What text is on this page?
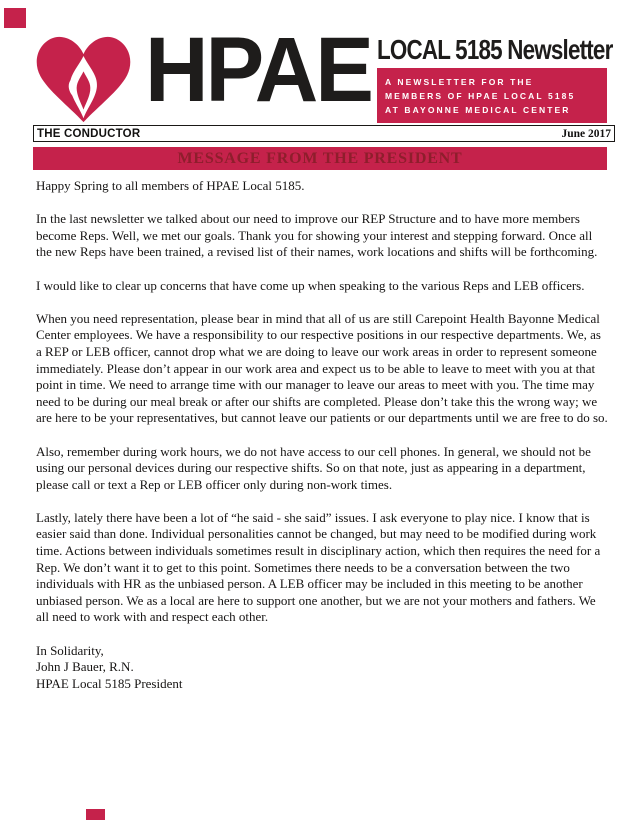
HPAE LOCAL 5185 Newsletter
A NEWSLETTER FOR THE
MEMBERS OF HPAE LOCAL 5185
AT BAYONNE MEDICAL CENTER
THE CONDUCTOR	June 2017
MESSAGE FROM THE PRESIDENT

Happy Spring to all members of HPAE Local 5185.

In the last newsletter we talked about our need to improve our REP Structure and to have more members become Reps. Well, we met our goals. Thank you for showing your interest and stepping forward. Once all the new Reps have been trained, a revised list of their names, work locations and shifts will be forthcoming.

I would like to clear up concerns that have come up when speaking to the various Reps and LEB officers.

When you need representation, please bear in mind that all of us are still Carepoint Health Bayonne Medical Center employees. We have a responsibility to our respective positions in our respective departments. We, as a REP or LEB officer, cannot drop what we are doing to leave our work areas in order to represent someone immediately. Please don’t appear in our work area and expect us to be able to leave to meet with you at that point in time. We need to arrange time with our manager to leave our areas to meet with you. The time may need to be during our meal break or after our shifts are completed. Please don’t take this the wrong way; we are here to be your representatives, but cannot leave our patients or our departments until we are free to do so.

Also, remember during work hours, we do not have access to our cell phones. In general, we should not be using our personal devices during our respective shifts. So on that note, just as appearing in a department, please call or text a Rep or LEB officer only during non-work times.

Lastly, lately there have been a lot of “he said - she said” issues. I ask everyone to play nice. I know that is easier said than done. Individual personalities cannot be changed, but may need to be modified during work time. Actions between individuals sometimes result in disciplinary action, which then requires the need for a Rep. We don’t want it to get to this point. Sometimes there needs to be a conversation between the two individuals with HR as the unbiased person. A LEB officer may be included in this meeting to be another unbiased person. We as a local are here to support one another, but we are not your mothers and fathers. We all need to work with and respect each other.

In Solidarity,
John J Bauer, R.N.
HPAE Local 5185 President
